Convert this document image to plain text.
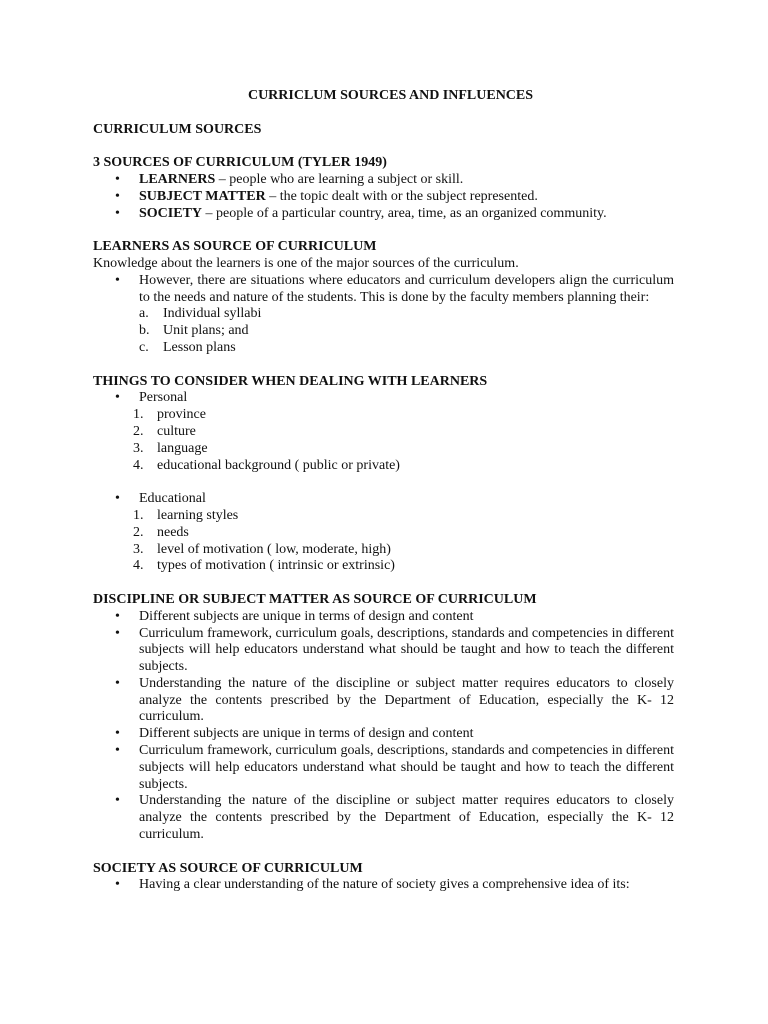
CURRICLUM SOURCES AND INFLUENCES

CURRICULUM SOURCES

3 SOURCES OF CURRICULUM (TYLER 1949)

• LEARNERS – people who are learning a subject or skill.
• SUBJECT MATTER – the topic dealt with or the subject represented.
• SOCIETY – people of a particular country, area, time, as an organized community.

LEARNERS AS SOURCE OF CURRICULUM

Knowledge about the learners is one of the major sources of the curriculum.

• However, there are situations where educators and curriculum developers align the curriculum to the needs and nature of the students. This is done by the faculty members planning their:
a. Individual syllabi
b. Unit plans; and
c. Lesson plans

THINGS TO CONSIDER WHEN DEALING WITH LEARNERS

• Personal
1. province
2. culture
3. language
4. educational background ( public or private)
• Educational
1. learning styles
2. needs
3. level of motivation ( low, moderate, high)
4. types of motivation ( intrinsic or extrinsic)

DISCIPLINE OR SUBJECT MATTER AS SOURCE OF CURRICULUM

• Different subjects are unique in terms of design and content
• Curriculum framework, curriculum goals, descriptions, standards and competencies in different subjects will help educators understand what should be taught and how to teach the different subjects.
• Understanding the nature of the discipline or subject matter requires educators to closely analyze the contents prescribed by the Department of Education, especially the K- 12 curriculum.
• Different subjects are unique in terms of design and content
• Curriculum framework, curriculum goals, descriptions, standards and competencies in different subjects will help educators understand what should be taught and how to teach the different subjects.
• Understanding the nature of the discipline or subject matter requires educators to closely analyze the contents prescribed by the Department of Education, especially the K- 12 curriculum.

SOCIETY AS SOURCE OF CURRICULUM

• Having a clear understanding of the nature of society gives a comprehensive idea of its:
